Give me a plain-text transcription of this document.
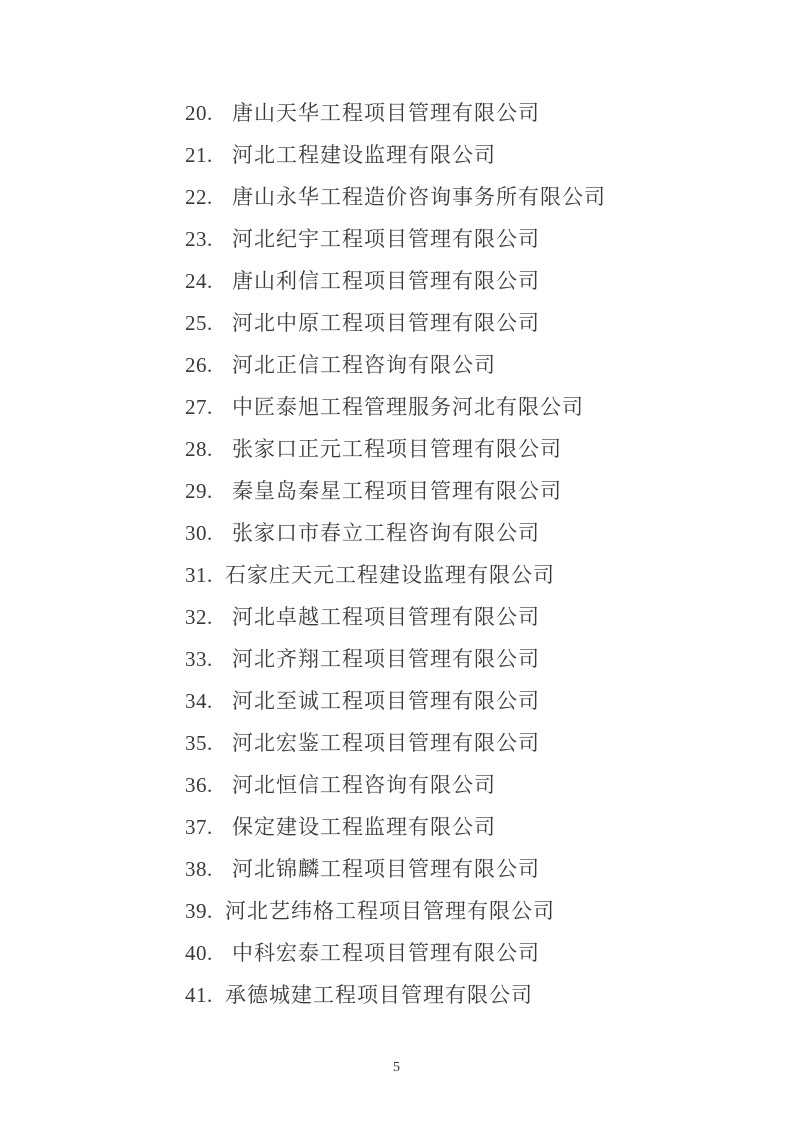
20. 唐山天华工程项目管理有限公司
21. 河北工程建设监理有限公司
22. 唐山永华工程造价咨询事务所有限公司
23. 河北纪宇工程项目管理有限公司
24. 唐山利信工程项目管理有限公司
25. 河北中原工程项目管理有限公司
26. 河北正信工程咨询有限公司
27. 中匠泰旭工程管理服务河北有限公司
28. 张家口正元工程项目管理有限公司
29. 秦皇岛秦星工程项目管理有限公司
30. 张家口市春立工程咨询有限公司
31. 石家庄天元工程建设监理有限公司
32. 河北卓越工程项目管理有限公司
33. 河北齐翔工程项目管理有限公司
34. 河北至诚工程项目管理有限公司
35. 河北宏鉴工程项目管理有限公司
36. 河北恒信工程咨询有限公司
37. 保定建设工程监理有限公司
38. 河北锦麟工程项目管理有限公司
39. 河北艺纬格工程项目管理有限公司
40. 中科宏泰工程项目管理有限公司
41. 承德城建工程项目管理有限公司
5
